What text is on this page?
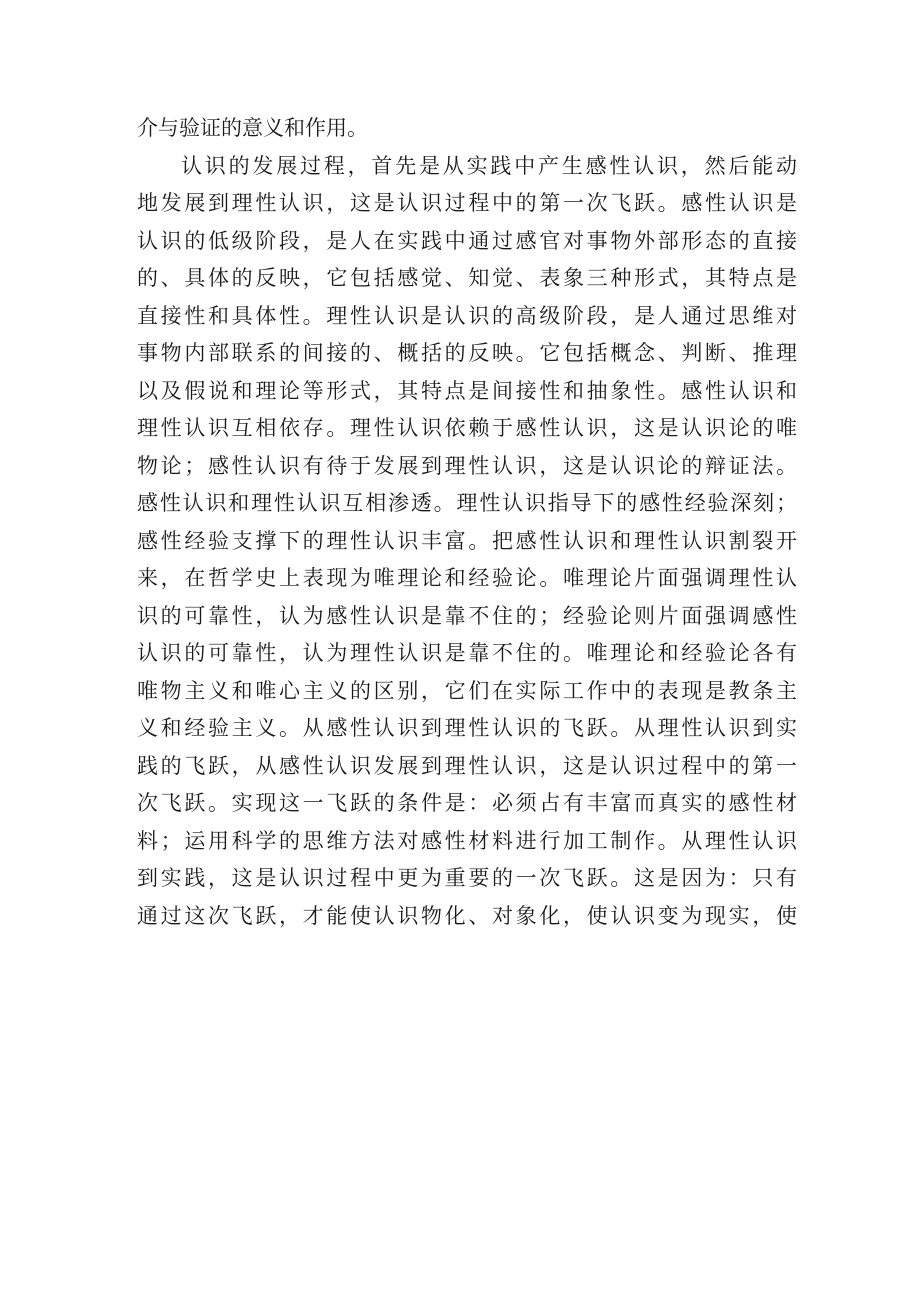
介与验证的意义和作用。
认识的发展过程，首先是从实践中产生感性认识，然后能动
地发展到理性认识，这是认识过程中的第一次飞跃。感性认识是
认识的低级阶段，是人在实践中通过感官对事物外部形态的直接
的、具体的反映，它包括感觉、知觉、表象三种形式，其特点是
直接性和具体性。理性认识是认识的高级阶段，是人通过思维对
事物内部联系的间接的、概括的反映。它包括概念、判断、推理
以及假说和理论等形式，其特点是间接性和抽象性。感性认识和
理性认识互相依存。理性认识依赖于感性认识，这是认识论的唯
物论；感性认识有待于发展到理性认识，这是认识论的辩证法。
感性认识和理性认识互相渗透。理性认识指导下的感性经验深刻；
感性经验支撑下的理性认识丰富。把感性认识和理性认识割裂开
来，在哲学史上表现为唯理论和经验论。唯理论片面强调理性认
识的可靠性，认为感性认识是靠不住的；经验论则片面强调感性
认识的可靠性，认为理性认识是靠不住的。唯理论和经验论各有
唯物主义和唯心主义的区别，它们在实际工作中的表现是教条主
义和经验主义。从感性认识到理性认识的飞跃。从理性认识到实
践的飞跃，从感性认识发展到理性认识，这是认识过程中的第一
次飞跃。实现这一飞跃的条件是：必须占有丰富而真实的感性材
料；运用科学的思维方法对感性材料进行加工制作。从理性认识
到实践，这是认识过程中更为重要的一次飞跃。这是因为：只有
通过这次飞跃，才能使认识物化、对象化，使认识变为现实，使
